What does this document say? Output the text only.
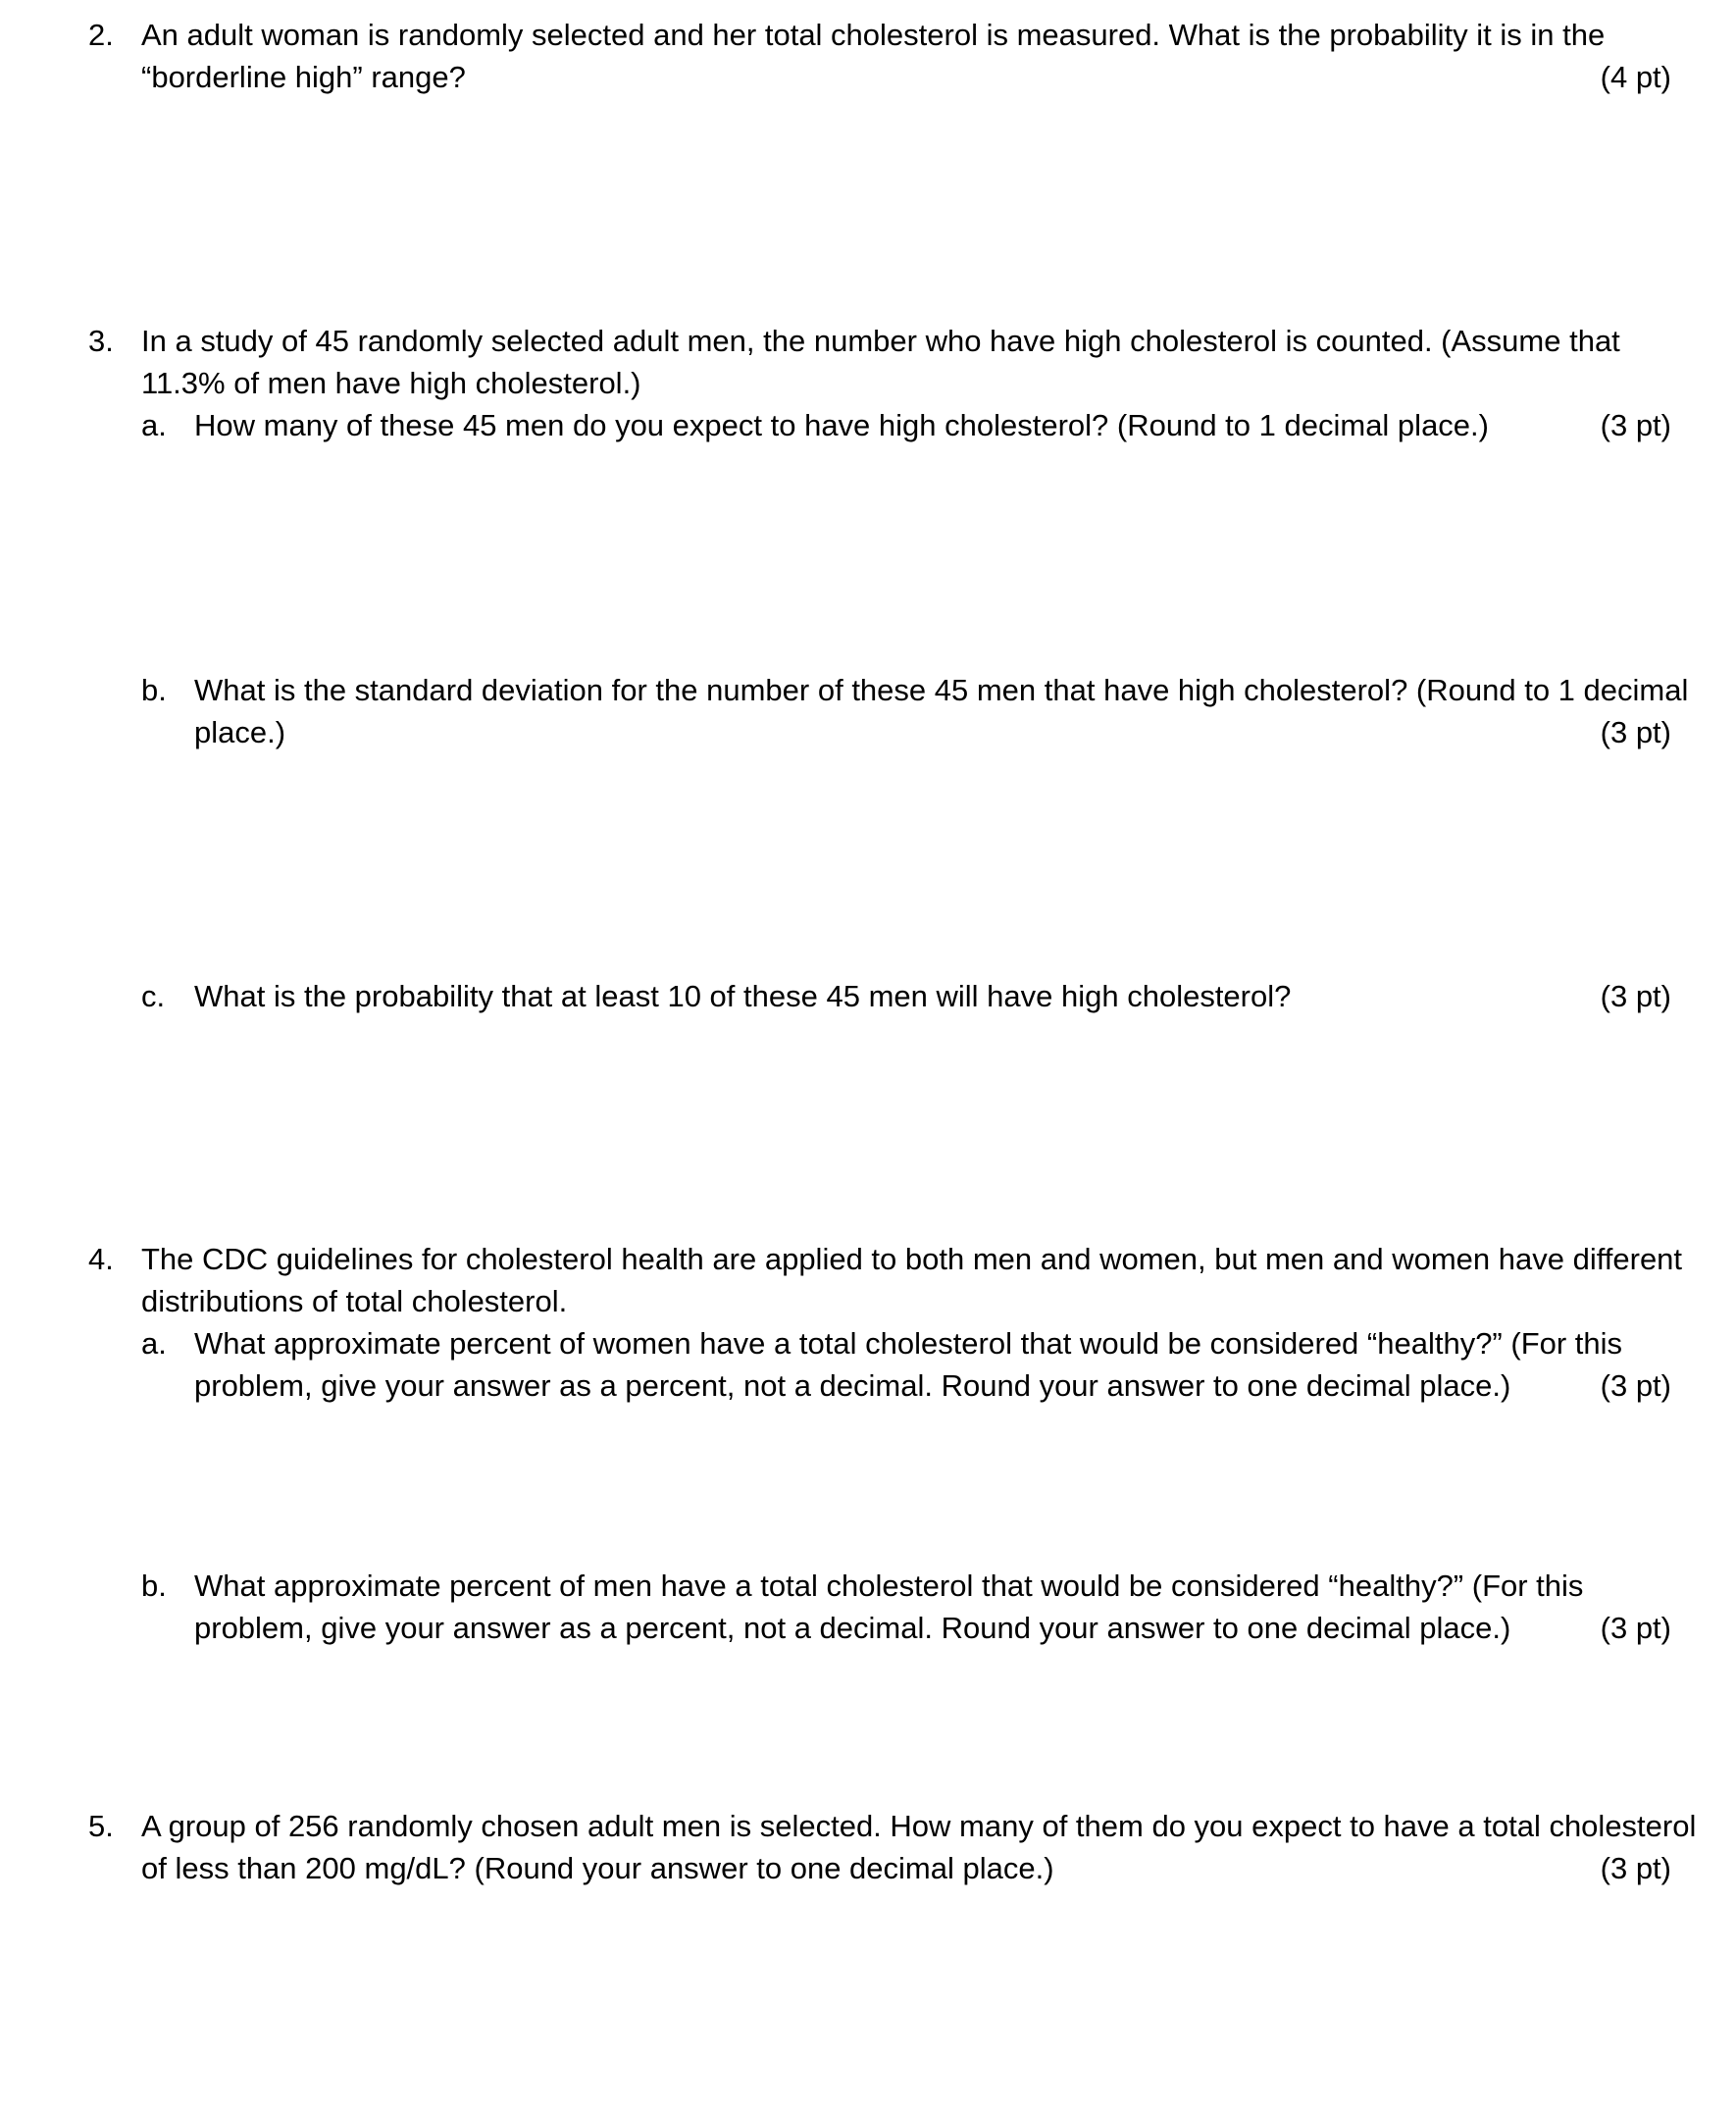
2. An adult woman is randomly selected and her total cholesterol is measured. What is the probability it is in the
“borderline high” range?	(4 pt)
3. In a study of 45 randomly selected adult men, the number who have high cholesterol is counted. (Assume that
11.3% of men have high cholesterol.)
a. How many of these 45 men do you expect to have high cholesterol? (Round to 1 decimal place.)	(3 pt)
b. What is the standard deviation for the number of these 45 men that have high cholesterol? (Round to 1 decimal
place.)	(3 pt)
c. What is the probability that at least 10 of these 45 men will have high cholesterol?	(3 pt)
4. The CDC guidelines for cholesterol health are applied to both men and women, but men and women have different
distributions of total cholesterol.
a. What approximate percent of women have a total cholesterol that would be considered “healthy?” (For this
problem, give your answer as a percent, not a decimal. Round your answer to one decimal place.)	(3 pt)
b. What approximate percent of men have a total cholesterol that would be considered “healthy?” (For this
problem, give your answer as a percent, not a decimal. Round your answer to one decimal place.)	(3 pt)
5. A group of 256 randomly chosen adult men is selected. How many of them do you expect to have a total cholesterol
of less than 200 mg/dL? (Round your answer to one decimal place.)	(3 pt)
